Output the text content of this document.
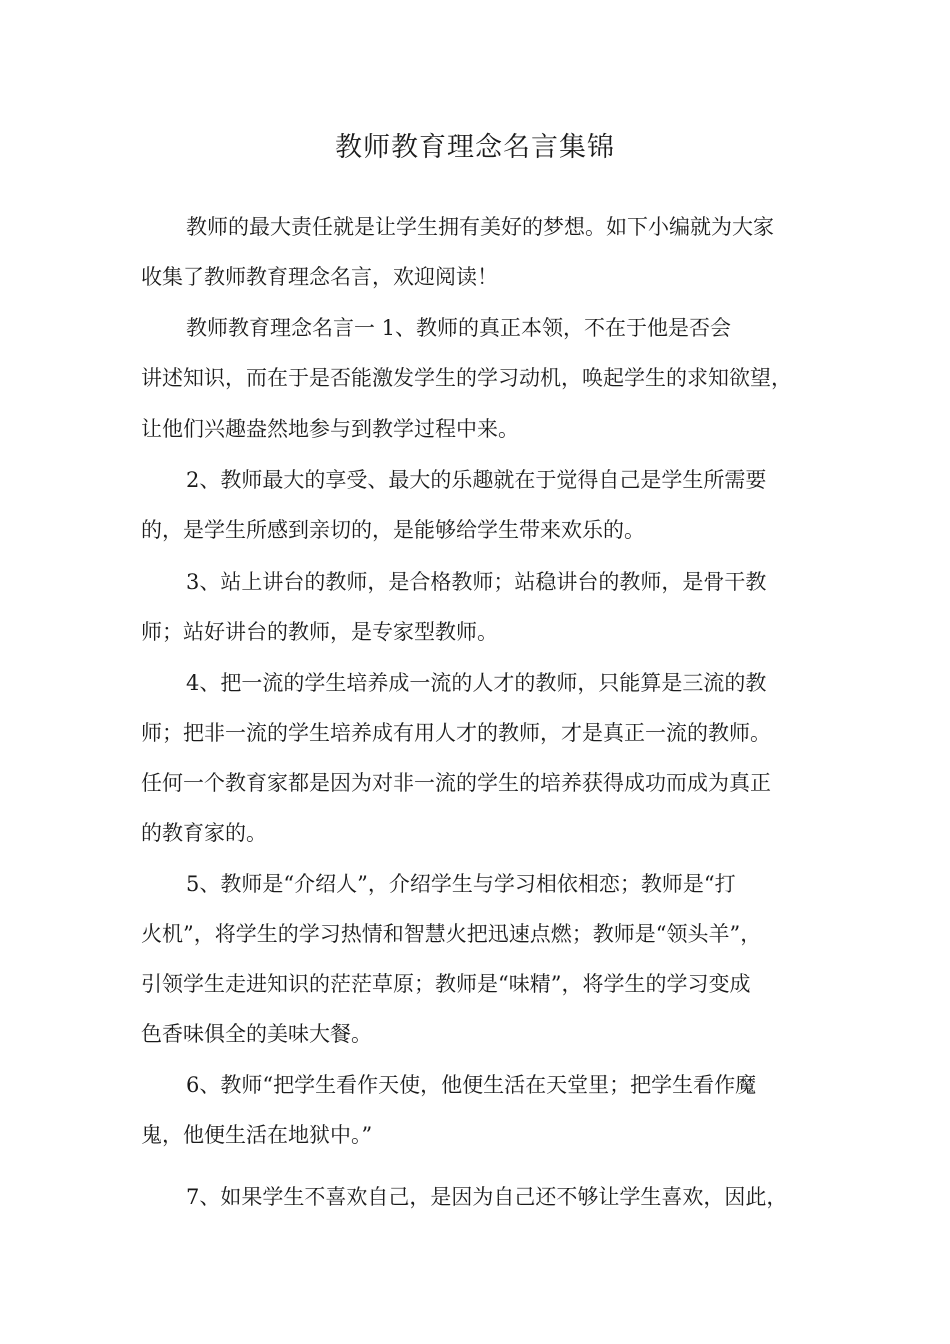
教师教育理念名言集锦
教师的最大责任就是让学生拥有美好的梦想。如下小编就为大家
收集了教师教育理念名言，欢迎阅读！
教师教育理念名言一 1、教师的真正本领，不在于他是否会
讲述知识，而在于是否能激发学生的学习动机，唤起学生的求知欲望，
让他们兴趣盎然地参与到教学过程中来。
2、教师最大的享受、最大的乐趣就在于觉得自己是学生所需要
的，是学生所感到亲切的，是能够给学生带来欢乐的。
3、站上讲台的教师，是合格教师；站稳讲台的教师，是骨干教
师；站好讲台的教师，是专家型教师。
4、把一流的学生培养成一流的人才的教师，只能算是三流的教
师；把非一流的学生培养成有用人才的教师，才是真正一流的教师。
任何一个教育家都是因为对非一流的学生的培养获得成功而成为真正
的教育家的。
5、教师是“介绍人”，介绍学生与学习相依相恋；教师是“打
火机”，将学生的学习热情和智慧火把迅速点燃；教师是“领头羊”，
引领学生走进知识的茫茫草原；教师是“味精”，将学生的学习变成
色香味俱全的美味大餐。
6、教师“把学生看作天使，他便生活在天堂里；把学生看作魔
鬼，他便生活在地狱中。”
7、如果学生不喜欢自己，是因为自己还不够让学生喜欢，因此，
